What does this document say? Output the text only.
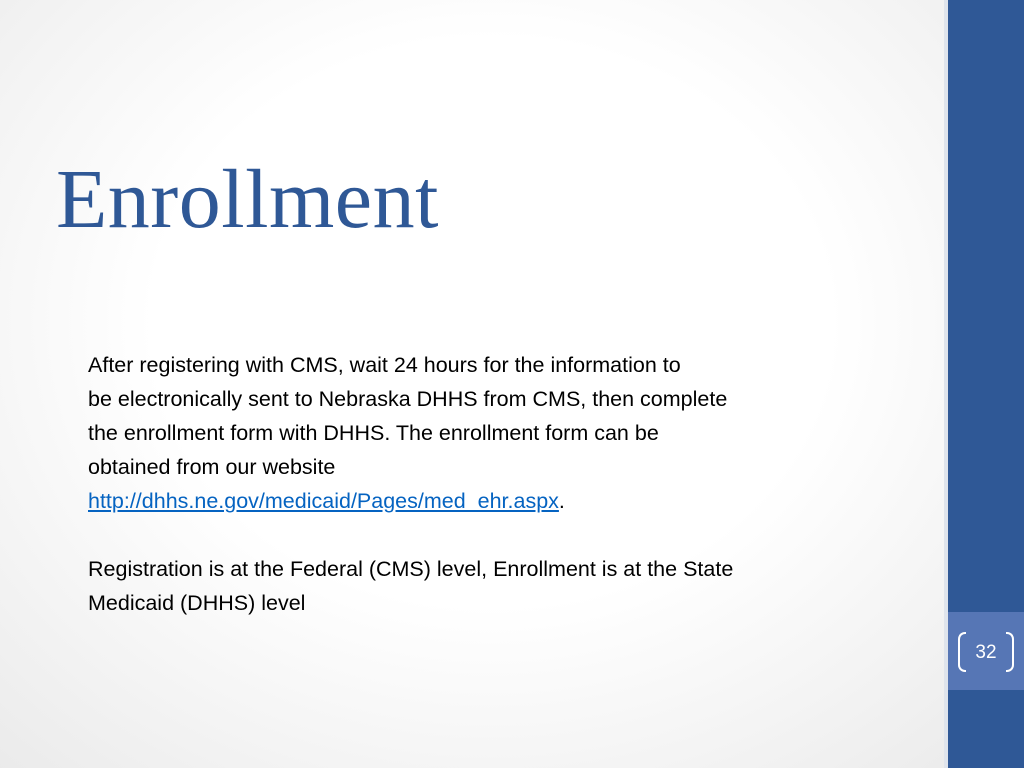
32
Enrollment

After registering with CMS, wait 24 hours for the information to
be electronically sent to Nebraska DHHS from CMS, then complete
the enrollment form with DHHS. The enrollment form can be
obtained from our website
http://dhhs.ne.gov/medicaid/Pages/med_ehr.aspx.

Registration is at the Federal (CMS) level, Enrollment is at the State
Medicaid (DHHS) level
